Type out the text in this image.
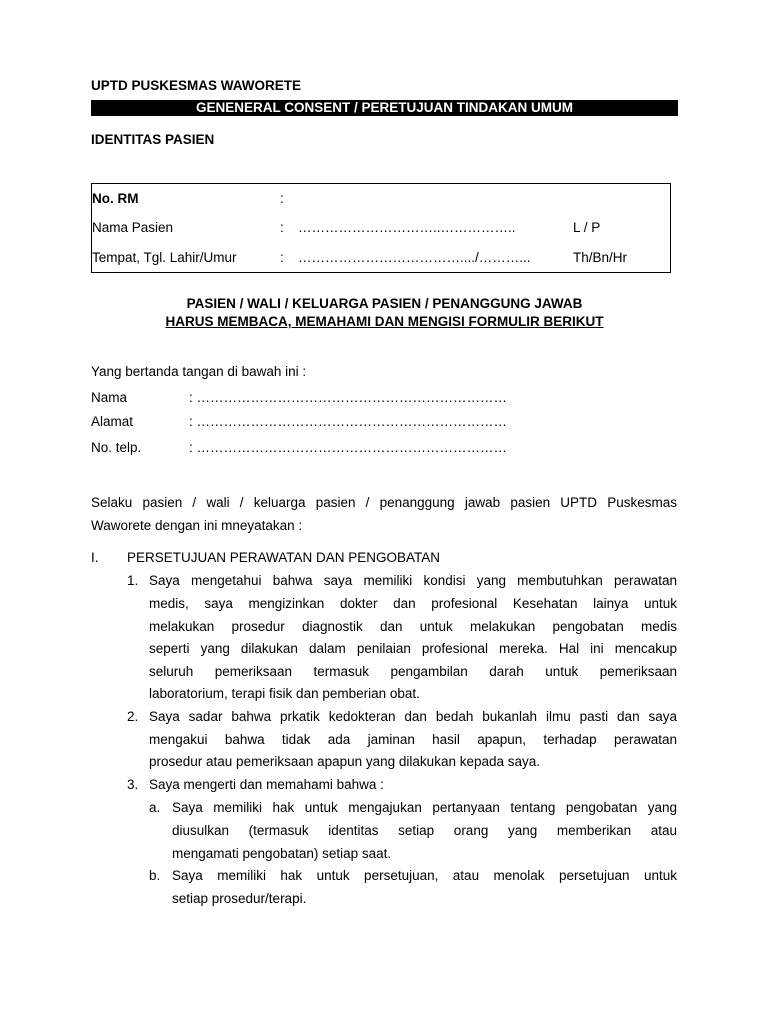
UPTD PUSKESMAS WAWORETE
GENENERAL CONSENT / PERETUJUAN TINDAKAN UMUM
IDENTITAS PASIEN
No. RM	:
Nama Pasien	: …………………………..……………..	L / P
Tempat, Tgl. Lahir/Umur	: ………………………………..../………...	Th/Bn/Hr
PASIEN / WALI / KELUARGA PASIEN / PENANGGUNG JAWAB
HARUS MEMBACA, MEMAHAMI DAN MENGISI FORMULIR BERIKUT
Yang bertanda tangan di bawah ini :
Nama	: ……………………………………………………………
Alamat	: ……………………………………………………………
No. telp.	: ……………………………………………………………
Selaku pasien / wali / keluarga pasien / penanggung jawab pasien UPTD Puskesmas
Waworete dengan ini mneyatakan :
I. PERSETUJUAN PERAWATAN DAN PENGOBATAN
1. Saya mengetahui bahwa saya memiliki kondisi yang membutuhkan perawatan
medis, saya mengizinkan dokter dan profesional Kesehatan lainya untuk
melakukan prosedur diagnostik dan untuk melakukan pengobatan medis
seperti yang dilakukan dalam penilaian profesional mereka. Hal ini mencakup
seluruh pemeriksaan termasuk pengambilan darah untuk pemeriksaan
laboratorium, terapi fisik dan pemberian obat.
2. Saya sadar bahwa prkatik kedokteran dan bedah bukanlah ilmu pasti dan saya
mengakui bahwa tidak ada jaminan hasil apapun, terhadap perawatan
prosedur atau pemeriksaan apapun yang dilakukan kepada saya.
3. Saya mengerti dan memahami bahwa :
a. Saya memiliki hak untuk mengajukan pertanyaan tentang pengobatan yang
diusulkan (termasuk identitas setiap orang yang memberikan atau
mengamati pengobatan) setiap saat.
b. Saya memiliki hak untuk persetujuan, atau menolak persetujuan untuk
setiap prosedur/terapi.
